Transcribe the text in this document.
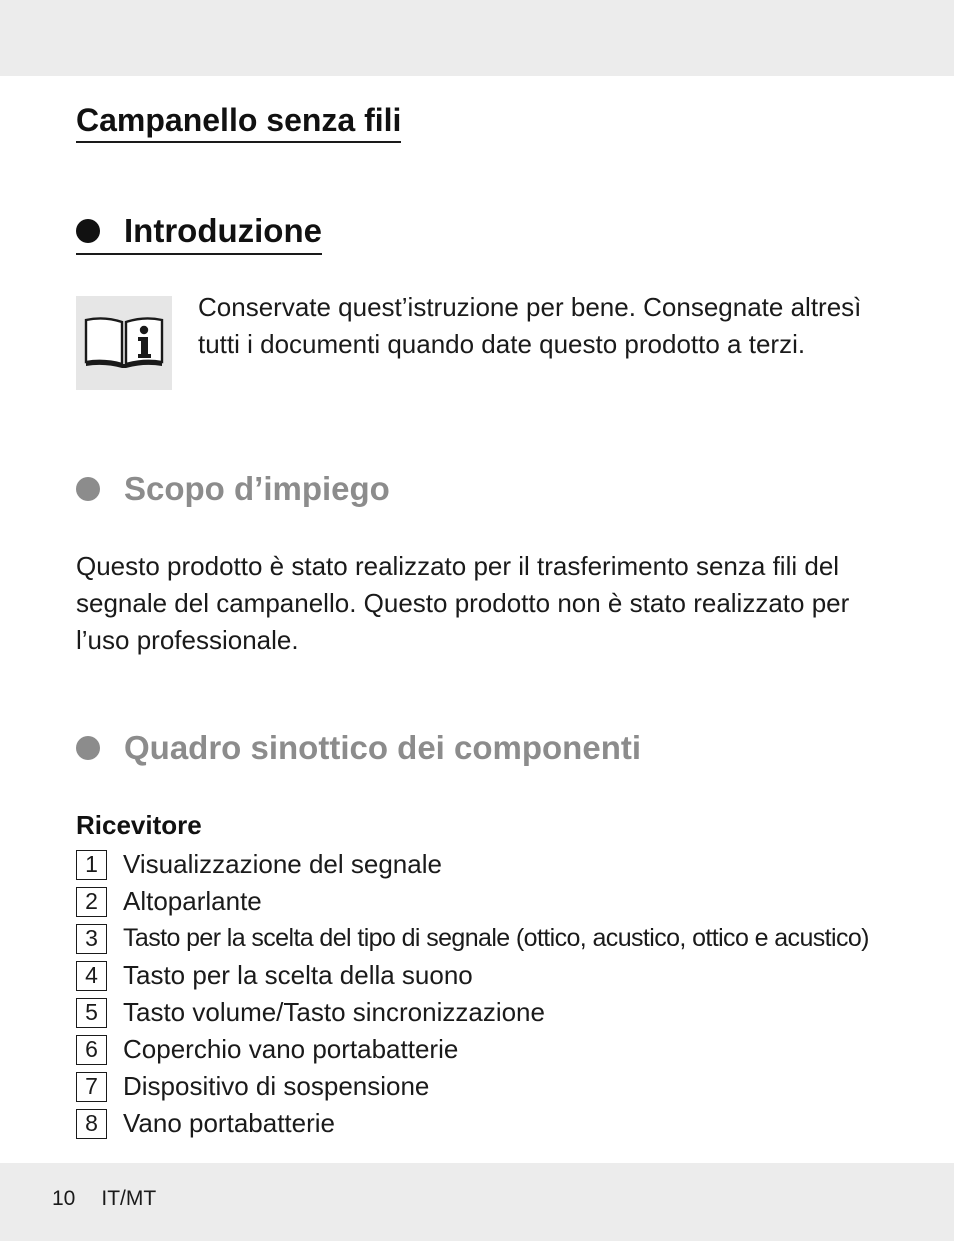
Campanello senza fili
Introduzione

Conservate quest’istruzione per bene. Consegnate altresì tutti i documenti quando date questo prodotto a terzi.

Scopo d’impiego

Questo prodotto è stato realizzato per il trasferimento senza fili del segnale del campanello. Questo prodotto non è stato realizzato per l’uso professionale.

Quadro sinottico dei componenti
Ricevitore
1 Visualizzazione del segnale
2 Altoparlante
3	Tasto per la scelta del tipo di segnale (ottico, acustico, ottico e acustico)
4 Tasto per la scelta della suono
5 Tasto volume/Tasto sincronizzazione
6 Coperchio vano portabatterie
7 Dispositivo di sospensione
8 Vano portabatterie
10 IT/MT
